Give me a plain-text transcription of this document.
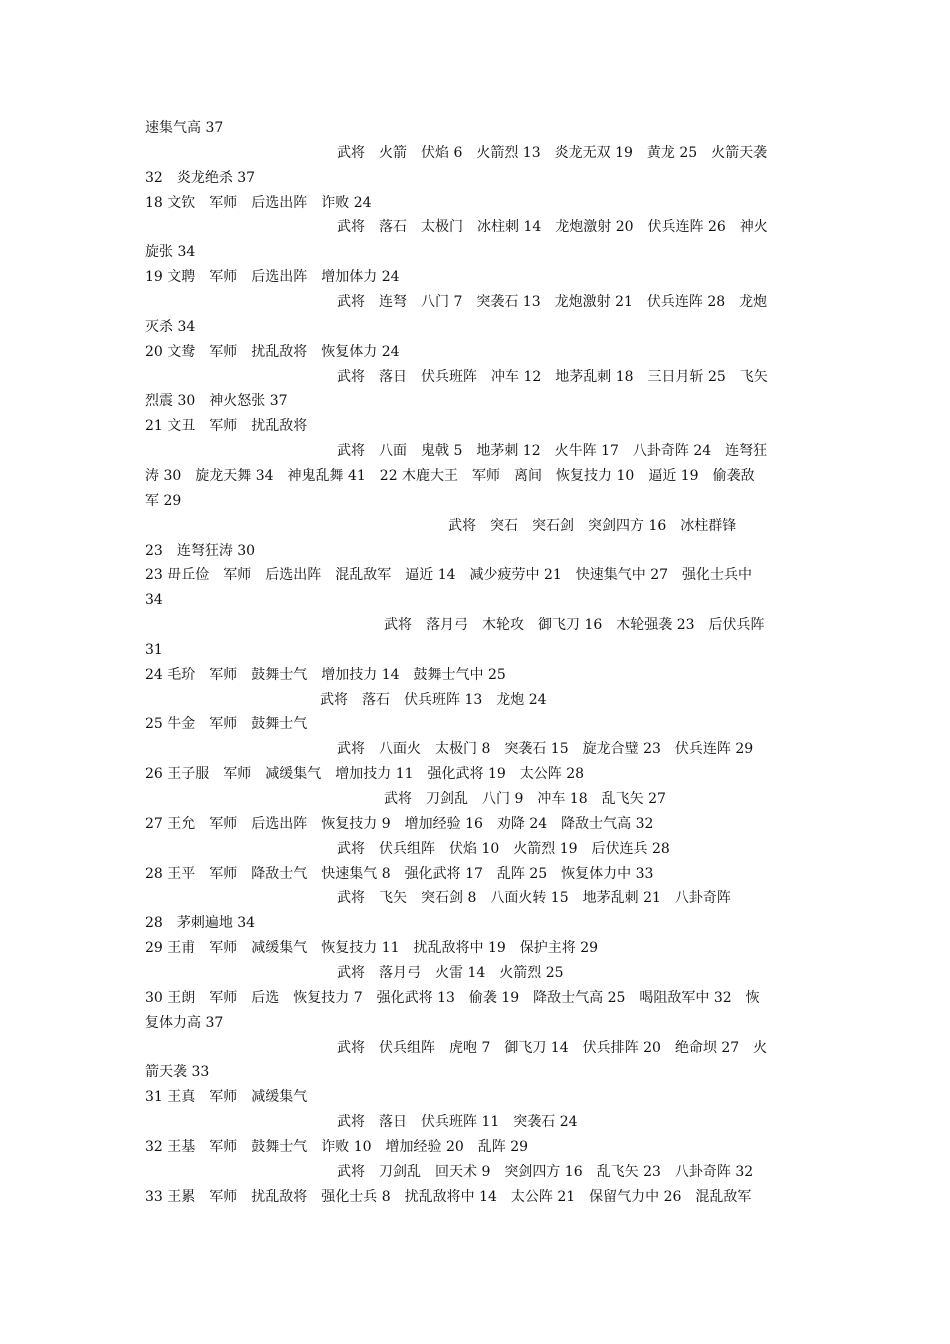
速集气高 37
武将　火箭　伏焰 6　火箭烈 13　炎龙无双 19　黄龙 25　火箭天袭
32　炎龙绝杀 37
18 文钦　军师　后选出阵　诈败 24
武将　落石　太极门　冰柱刺 14　龙炮激射 20　伏兵连阵 26　神火
旋张 34
19 文聘　军师　后选出阵　增加体力 24
武将　连弩　八门 7　突袭石 13　龙炮激射 21　伏兵连阵 28　龙炮
灭杀 34
20 文鸯　军师　扰乱敌将　恢复体力 24
武将　落日　伏兵班阵　冲车 12　地茅乱刺 18　三日月斩 25　飞矢
烈震 30　神火怒张 37
21 文丑　军师　扰乱敌将
武将　八面　鬼戟 5　地茅刺 12　火牛阵 17　八卦奇阵 24　连弩狂
涛 30　旋龙天舞 34　神鬼乱舞 41　22 木鹿大王　军师　离间　恢复技力 10　逼近 19　偷袭敌
军 29
武将　突石　突石剑　突剑四方 16　冰柱群锋
23　连弩狂涛 30
23 毌丘俭　军师　后选出阵　混乱敌军　逼近 14　减少疲劳中 21　快速集气中 27　强化士兵中
34
武将　落月弓　木轮攻　御飞刀 16　木轮强袭 23　后伏兵阵
31
24 毛玠　军师　鼓舞士气　增加技力 14　鼓舞士气中 25
武将　落石　伏兵班阵 13　龙炮 24
25 牛金　军师　鼓舞士气
武将　八面火　太极门 8　突袭石 15　旋龙合璧 23　伏兵连阵 29
26 王子服　军师　减缓集气　增加技力 11　强化武将 19　太公阵 28
武将　刀剑乱　八门 9　冲车 18　乱飞矢 27
27 王允　军师　后选出阵　恢复技力 9　增加经验 16　劝降 24　降敌士气高 32
武将　伏兵组阵　伏焰 10　火箭烈 19　后伏连兵 28
28 王平　军师　降敌士气　快速集气 8　强化武将 17　乱阵 25　恢复体力中 33
武将　飞矢　突石剑 8　八面火转 15　地茅乱刺 21　八卦奇阵
28　茅刺遍地 34
29 王甫　军师　减缓集气　恢复技力 11　扰乱敌将中 19　保护主将 29
武将　落月弓　火雷 14　火箭烈 25
30 王朗　军师　后选　恢复技力 7　强化武将 13　偷袭 19　降敌士气高 25　喝阻敌军中 32　恢
复体力高 37
武将　伏兵组阵　虎咆 7　御飞刀 14　伏兵排阵 20　绝命坝 27　火
箭天袭 33
31 王真　军师　减缓集气
武将　落日　伏兵班阵 11　突袭石 24
32 王基　军师　鼓舞士气　诈败 10　增加经验 20　乱阵 29
武将　刀剑乱　回天术 9　突剑四方 16　乱飞矢 23　八卦奇阵 32
33 王累　军师　扰乱敌将　强化士兵 8　扰乱敌将中 14　太公阵 21　保留气力中 26　混乱敌军
